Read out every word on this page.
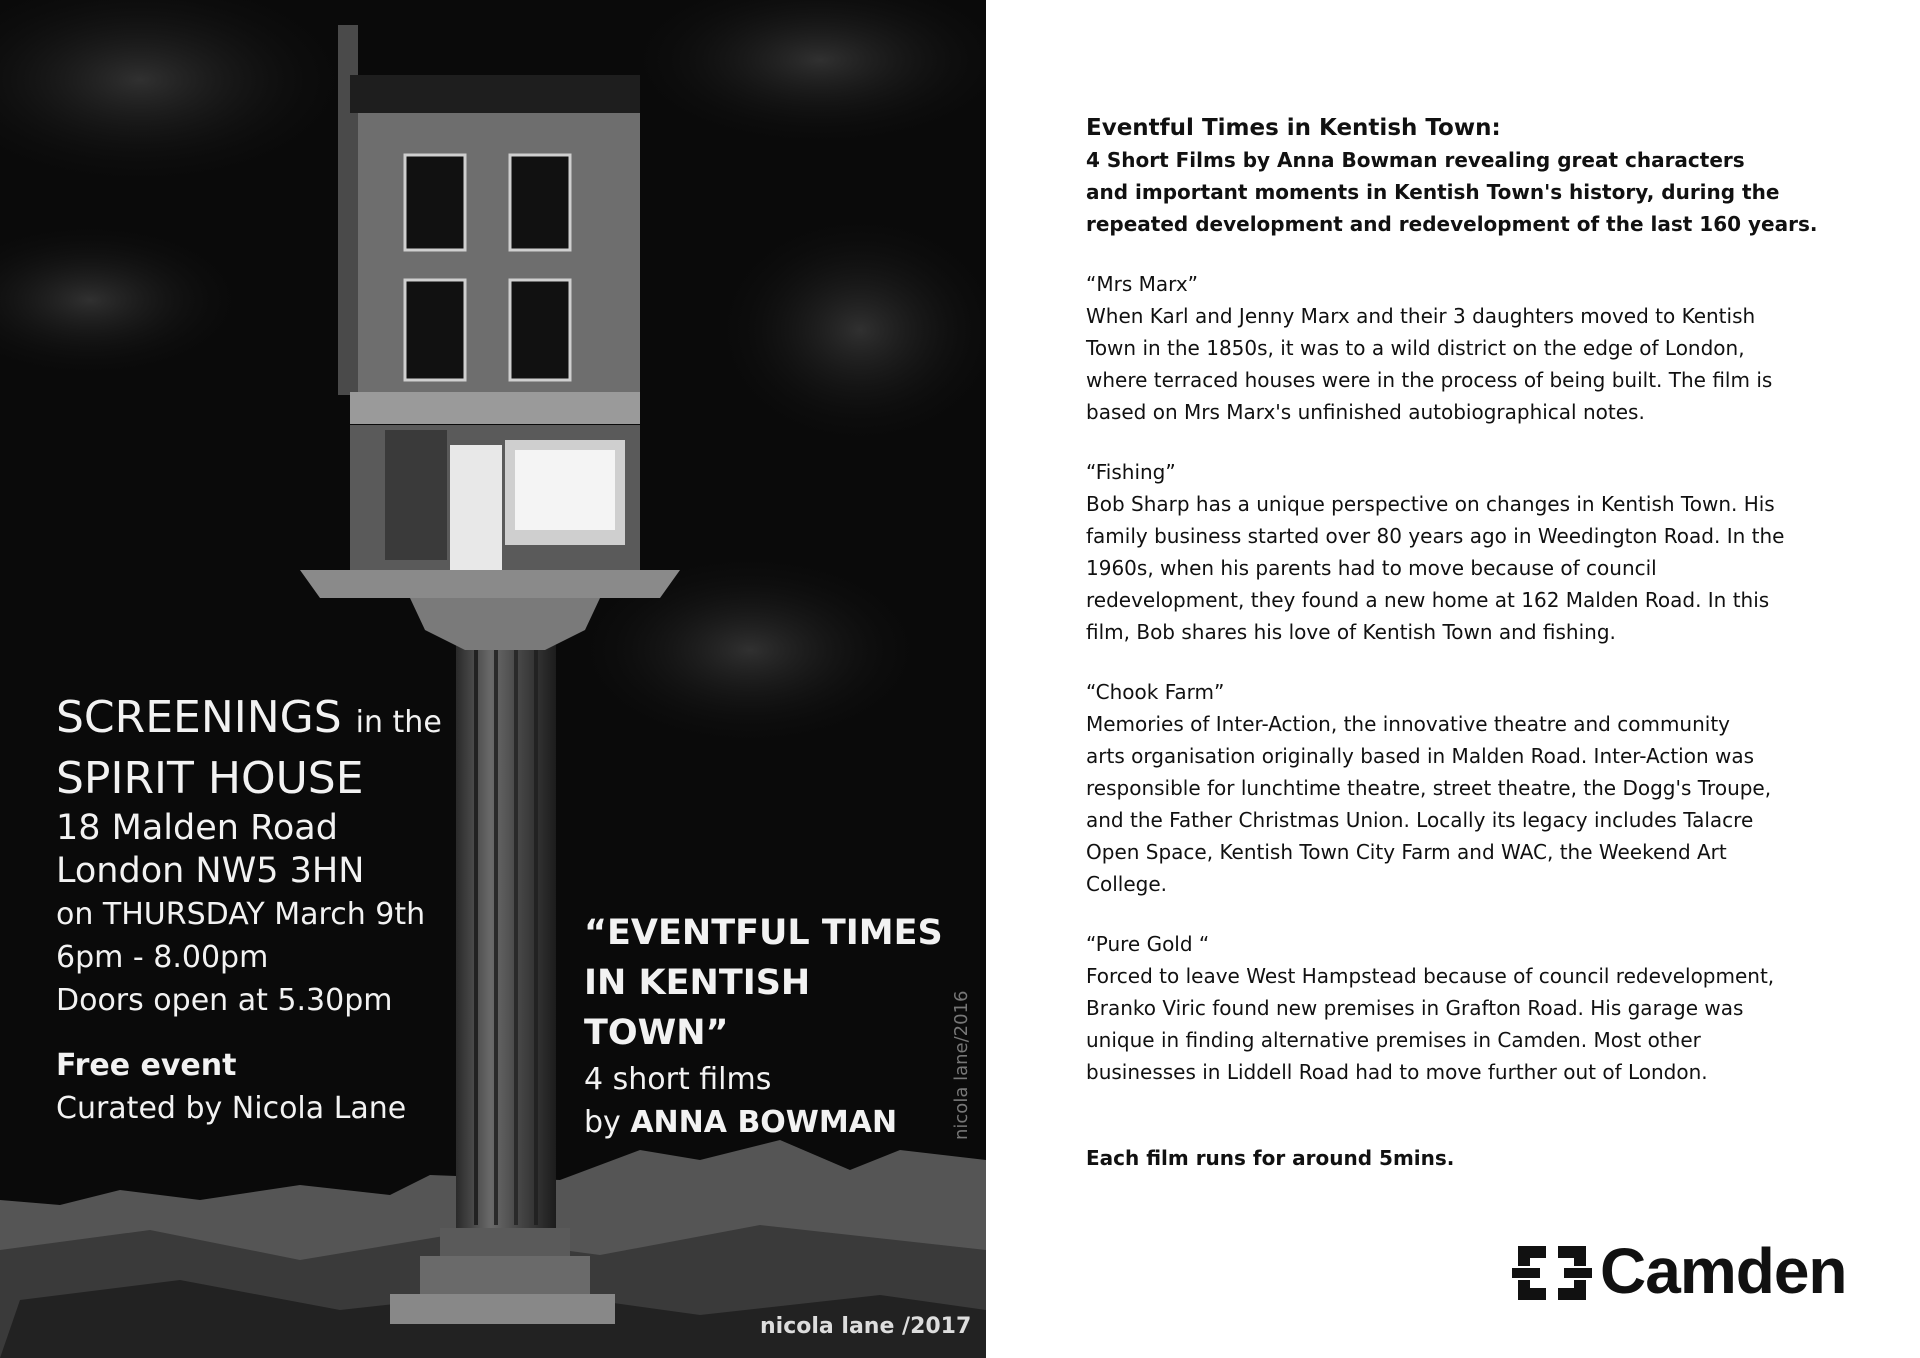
SCREENINGS in the
SPIRIT HOUSE
18 Malden Road
London NW5 3HN
on THURSDAY March 9th
6pm - 8.00pm
Doors open at 5.30pm
Free event
Curated by Nicola Lane
“EVENTFUL TIMES
IN KENTISH TOWN”
4 short films
by ANNA BOWMAN
nicola lane /2017
nicola lane/2016
Eventful Times in Kentish Town:
4 Short Films by Anna Bowman revealing great characters
and important moments in Kentish Town's history, during the
repeated development and redevelopment of the last 160 years.
“Mrs Marx”
When Karl and Jenny Marx and their 3 daughters moved to Kentish
Town in the 1850s, it was to a wild district on the edge of London,
where terraced houses were in the process of being built. The film is
based on Mrs Marx's unfinished autobiographical notes.
“Fishing”
Bob Sharp has a unique perspective on changes in Kentish Town. His
family business started over 80 years ago in Weedington Road. In the
1960s, when his parents had to move because of council
redevelopment, they found a new home at 162 Malden Road. In this
film, Bob shares his love of Kentish Town and fishing.
“Chook Farm”
Memories of Inter-Action, the innovative theatre and community
arts organisation originally based in Malden Road. Inter-Action was
responsible for lunchtime theatre, street theatre, the Dogg's Troupe,
and the Father Christmas Union. Locally its legacy includes Talacre
Open Space, Kentish Town City Farm and WAC, the Weekend Art
College.
“Pure Gold “
Forced to leave West Hampstead because of council redevelopment,
Branko Viric found new premises in Grafton Road. His garage was
unique in finding alternative premises in Camden. Most other
businesses in Liddell Road had to move further out of London.
Each film runs for around 5mins.
Camden
